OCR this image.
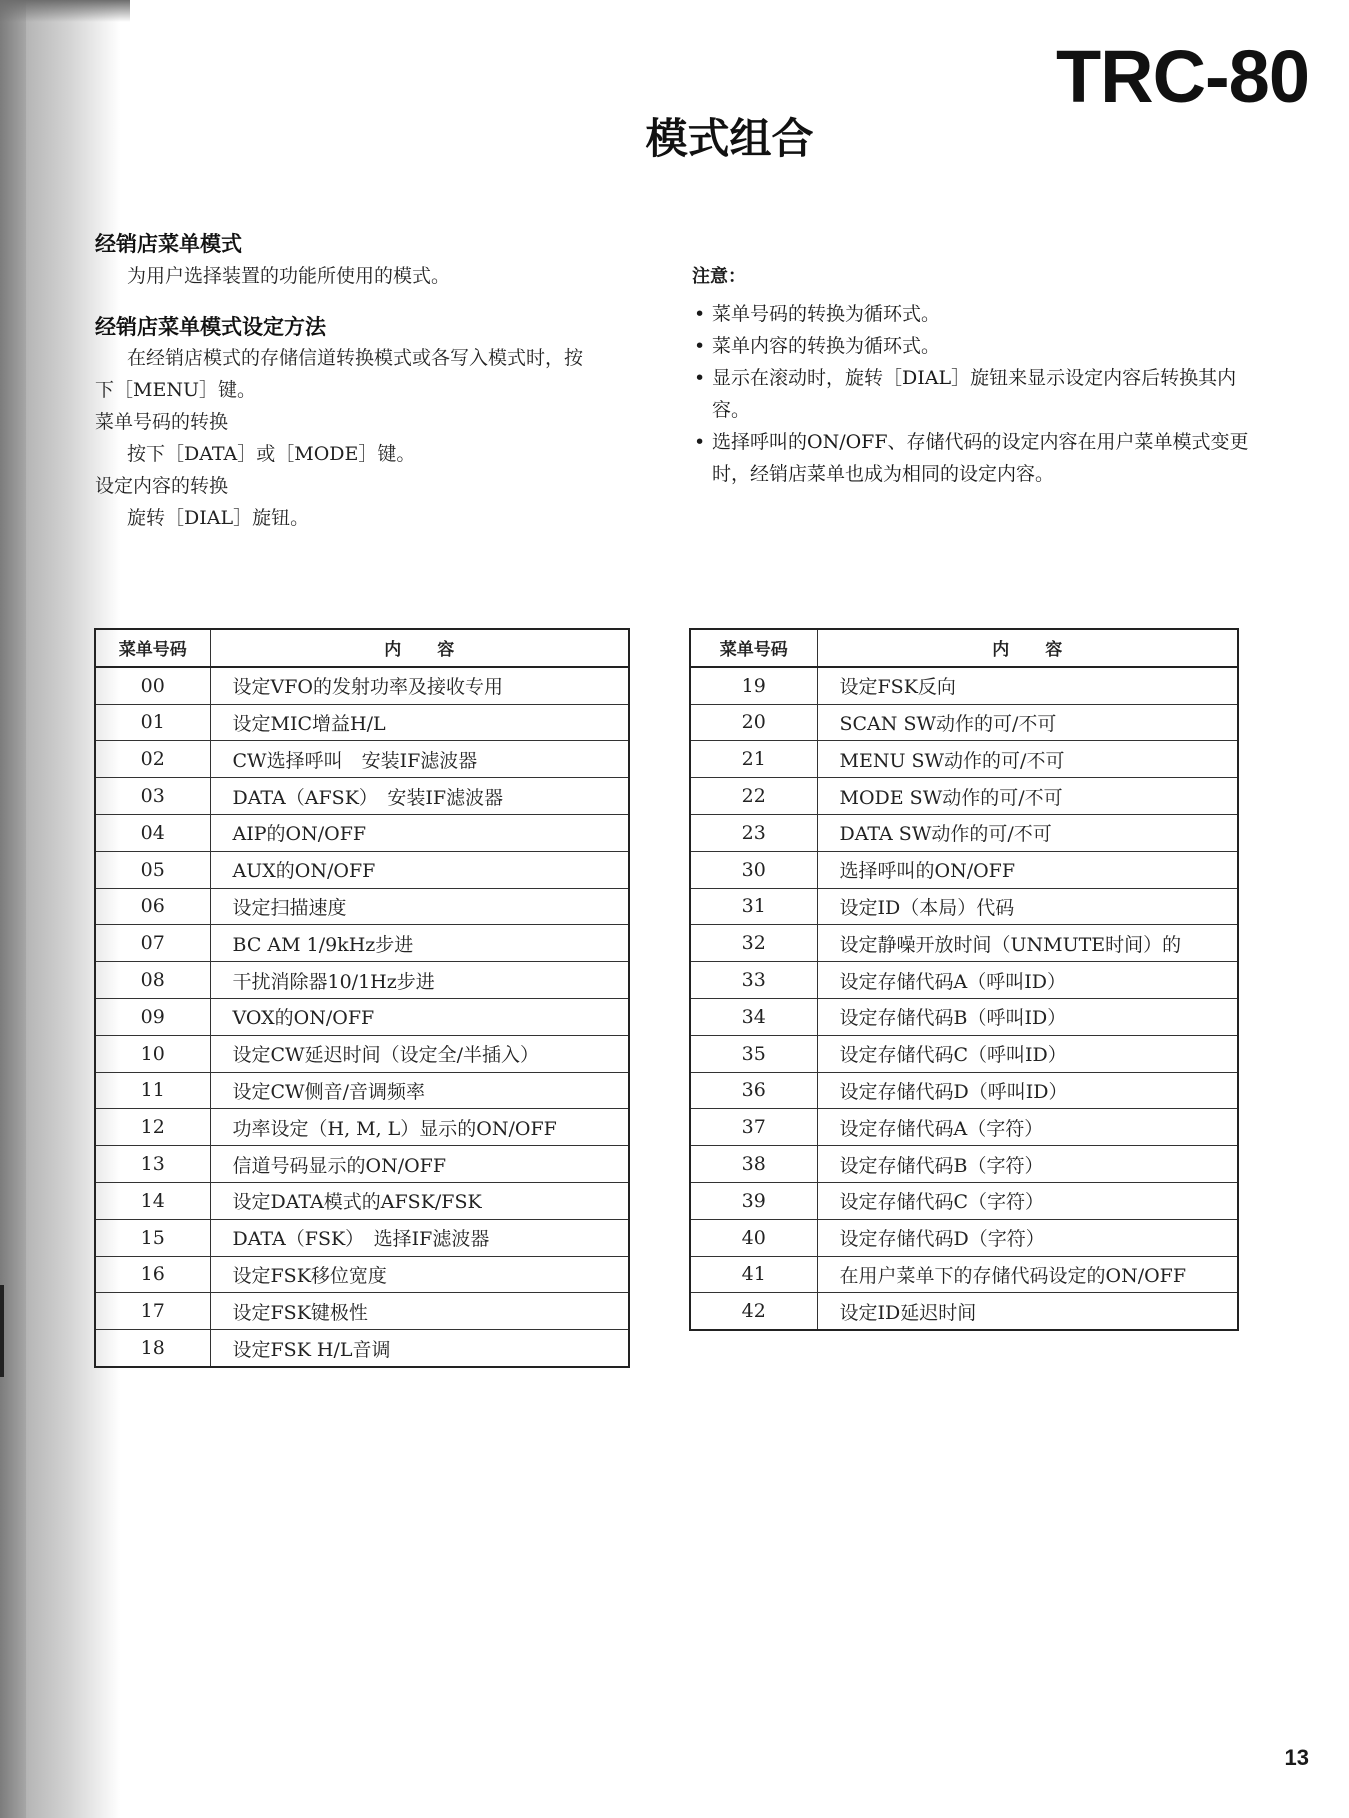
TRC-80
模式组合
经销店菜单模式
为用户选择装置的功能所使用的模式。
经销店菜单模式设定方法
在经销店模式的存储信道转换模式或各写入模式时，按
下［MENU］键。
菜单号码的转换
按下［DATA］或［MODE］键。
设定内容的转换
旋转［DIAL］旋钮。
注意：
• 菜单号码的转换为循环式。
• 菜单内容的转换为循环式。
• 显示在滚动时，旋转［DIAL］旋钮来显示设定内容后转换其内容。
• 选择呼叫的ON/OFF、存储代码的设定内容在用户菜单模式变更时，经销店菜单也成为相同的设定内容。
菜单号码	内容
00	设定VFO的发射功率及接收专用
01	设定MIC增益H/L
02	CW选择呼叫　安装IF滤波器
03	DATA（AFSK）　安装IF滤波器
04	AIP的ON/OFF
05	AUX的ON/OFF
06	设定扫描速度
07	BC AM 1/9kHz步进
08	干扰消除器10/1Hz步进
09	VOX的ON/OFF
10	设定CW延迟时间（设定全/半插入）
11	设定CW侧音/音调频率
12	功率设定（H, M, L）显示的ON/OFF
13	信道号码显示的ON/OFF
14	设定DATA模式的AFSK/FSK
15	DATA（FSK）　选择IF滤波器
16	设定FSK移位宽度
17	设定FSK键极性
18	设定FSK H/L音调
菜单号码	内容
19	设定FSK反向
20	SCAN SW动作的可/不可
21	MENU SW动作的可/不可
22	MODE SW动作的可/不可
23	DATA SW动作的可/不可
30	选择呼叫的ON/OFF
31	设定ID（本局）代码
32	设定静噪开放时间（UNMUTE时间）的
33	设定存储代码A（呼叫ID）
34	设定存储代码B（呼叫ID）
35	设定存储代码C（呼叫ID）
36	设定存储代码D（呼叫ID）
37	设定存储代码A（字符）
38	设定存储代码B（字符）
39	设定存储代码C（字符）
40	设定存储代码D（字符）
41	在用户菜单下的存储代码设定的ON/OFF
42	设定ID延迟时间
13
